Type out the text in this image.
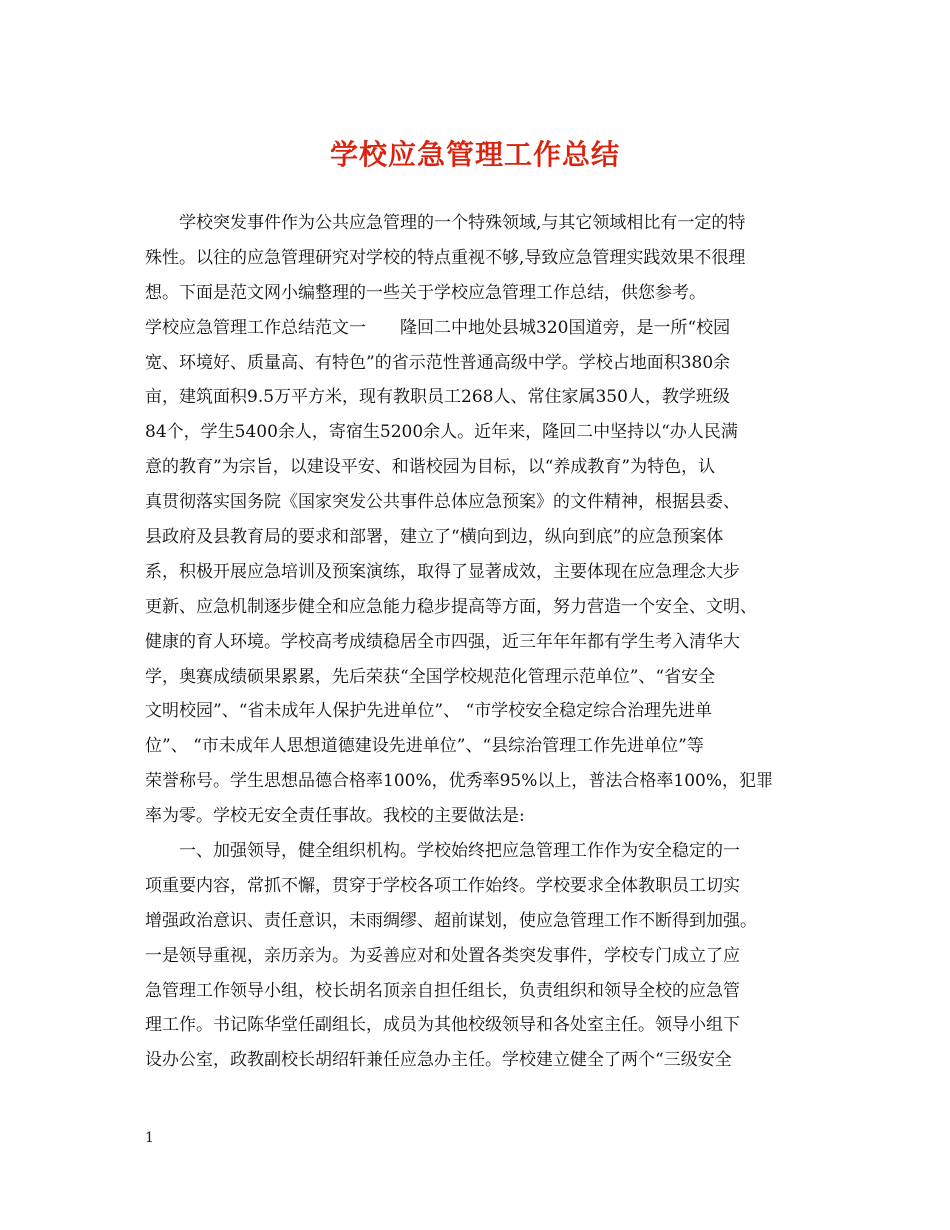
学校应急管理工作总结
　　学校突发事件作为公共应急管理的一个特殊领域,与其它领域相比有一定的特
殊性。以往的应急管理研究对学校的特点重视不够,导致应急管理实践效果不很理
想。下面是范文网小编整理的一些关于学校应急管理工作总结，供您参考。
学校应急管理工作总结范文一　　隆回二中地处县城320国道旁，是一所“校园
宽、环境好、质量高、有特色”的省示范性普通高级中学。学校占地面积380余
亩，建筑面积9.5万平方米，现有教职员工268人、常住家属350人，教学班级
84个，学生5400余人，寄宿生5200余人。近年来，隆回二中坚持以“办人民满
意的教育”为宗旨，以建设平安、和谐校园为目标，以“养成教育”为特色，认
真贯彻落实国务院《国家突发公共事件总体应急预案》的文件精神，根据县委、
县政府及县教育局的要求和部署，建立了“横向到边，纵向到底”的应急预案体
系，积极开展应急培训及预案演练，取得了显著成效，主要体现在应急理念大步
更新、应急机制逐步健全和应急能力稳步提高等方面，努力营造一个安全、文明、
健康的育人环境。学校高考成绩稳居全市四强，近三年年年都有学生考入清华大
学，奥赛成绩硕果累累，先后荣获“全国学校规范化管理示范单位”、“省安全
文明校园”、“省未成年人保护先进单位”、 “市学校安全稳定综合治理先进单
位”、 “市未成年人思想道德建设先进单位”、“县综治管理工作先进单位”等
荣誉称号。学生思想品德合格率100%，优秀率95%以上，普法合格率100%，犯罪
率为零。学校无安全责任事故。我校的主要做法是:
　　一、加强领导，健全组织机构。学校始终把应急管理工作作为安全稳定的一
项重要内容，常抓不懈，贯穿于学校各项工作始终。学校要求全体教职员工切实
增强政治意识、责任意识，未雨绸缪、超前谋划，使应急管理工作不断得到加强。
一是领导重视，亲历亲为。为妥善应对和处置各类突发事件，学校专门成立了应
急管理工作领导小组，校长胡名顶亲自担任组长，负责组织和领导全校的应急管
理工作。书记陈华堂任副组长，成员为其他校级领导和各处室主任。领导小组下
设办公室，政教副校长胡绍轩兼任应急办主任。学校建立健全了两个“三级安全
1
